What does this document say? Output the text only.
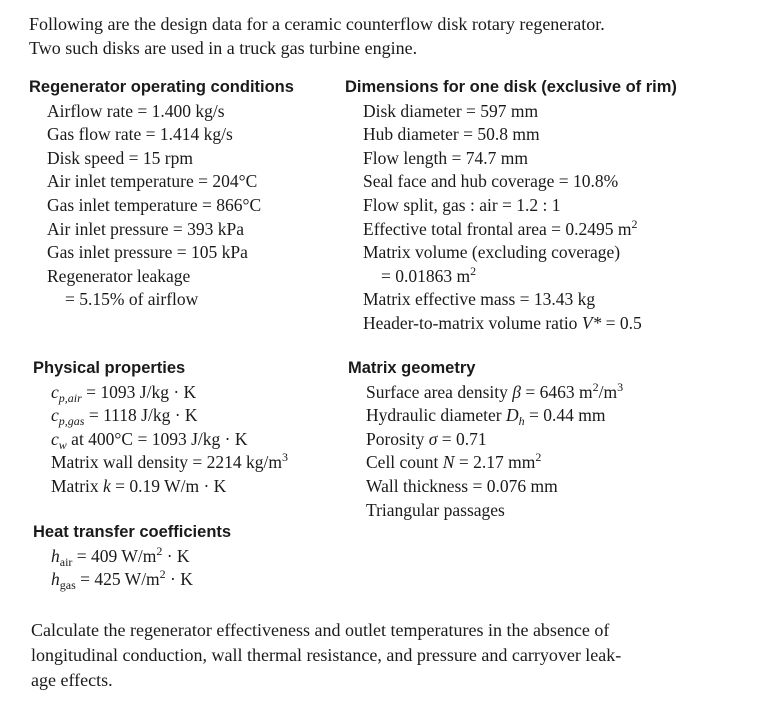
Following are the design data for a ceramic counterflow disk rotary regenerator.
Two such disks are used in a truck gas turbine engine.
Regenerator operating conditions
Airflow rate = 1.400 kg/s
Gas flow rate = 1.414 kg/s
Disk speed = 15 rpm
Air inlet temperature = 204°C
Gas inlet temperature = 866°C
Air inlet pressure = 393 kPa
Gas inlet pressure = 105 kPa
Regenerator leakage
= 5.15% of airflow
Dimensions for one disk (exclusive of rim)
Disk diameter = 597 mm
Hub diameter = 50.8 mm
Flow length = 74.7 mm
Seal face and hub coverage = 10.8%
Flow split, gas : air = 1.2 : 1
Effective total frontal area = 0.2495 $m^2$
Matrix volume (excluding coverage)
= 0.01863 $m^2$
Matrix effective mass = 13.43 kg
Header-to-matrix volume ratio V* = 0.5
Physical properties
$c_{p,air} = 1093$ J/kg · K
$c_{p,gas} = 1118$ J/kg · K
$c_w$ at 400°C = 1093 J/kg · K
Matrix wall density = 2214 $kg/m^3$
Matrix k = 0.19 W/m · K
Matrix geometry
Surface area density β = 6463 $m^2/m^3$
Hydraulic diameter $D_h = 0.44$ mm
Porosity σ = 0.71
Cell count N = 2.17 $mm^2$
Wall thickness = 0.076 mm
Triangular passages
Heat transfer coefficients
$h_{air} = 409$ $W/m^2 \cdot K$
$h_{gas} = 425$ $W/m^2 \cdot K$
Calculate the regenerator effectiveness and outlet temperatures in the absence of
longitudinal conduction, wall thermal resistance, and pressure and carryover leak-
age effects.
